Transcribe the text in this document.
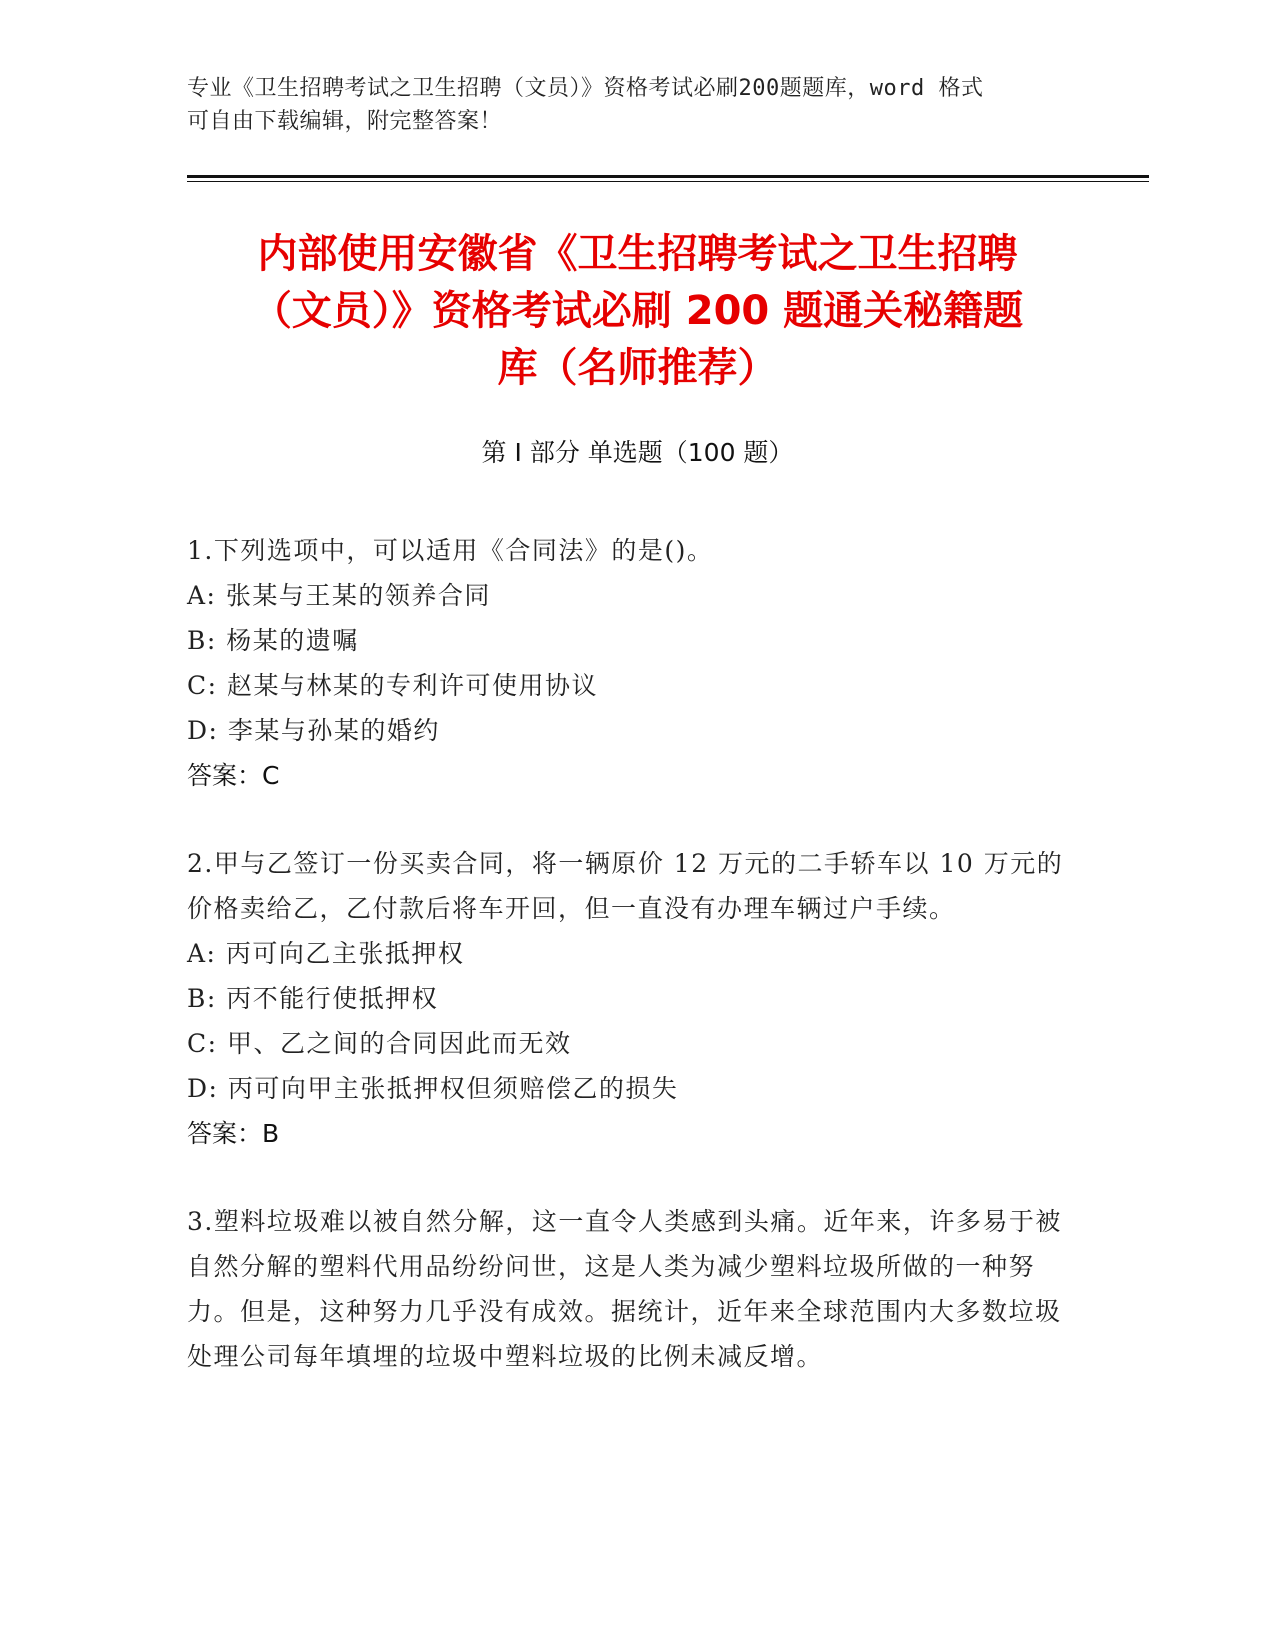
专业《卫生招聘考试之卫生招聘（文员）》资格考试必刷200题题库，word 格式
可自由下载编辑，附完整答案！
内部使用安徽省《卫生招聘考试之卫生招聘
（文员）》资格考试必刷 200 题通关秘籍题
库（名师推荐）
第 I 部分 单选题（100 题）
1.下列选项中，可以适用《合同法》的是()。
A: 张某与王某的领养合同
B: 杨某的遗嘱
C: 赵某与林某的专利许可使用协议
D: 李某与孙某的婚约
答案：C
2.甲与乙签订一份买卖合同，将一辆原价 12 万元的二手轿车以 10 万元的价格卖给乙，乙付款后将车开回，但一直没有办理车辆过户手续。
A: 丙可向乙主张抵押权
B: 丙不能行使抵押权
C: 甲、乙之间的合同因此而无效
D: 丙可向甲主张抵押权但须赔偿乙的损失
答案：B
3.塑料垃圾难以被自然分解，这一直令人类感到头痛。近年来，许多易于被自然分解的塑料代用品纷纷问世，这是人类为减少塑料垃圾所做的一种努力。但是，这种努力几乎没有成效。据统计，近年来全球范围内大多数垃圾处理公司每年填埋的垃圾中塑料垃圾的比例未减反增。
